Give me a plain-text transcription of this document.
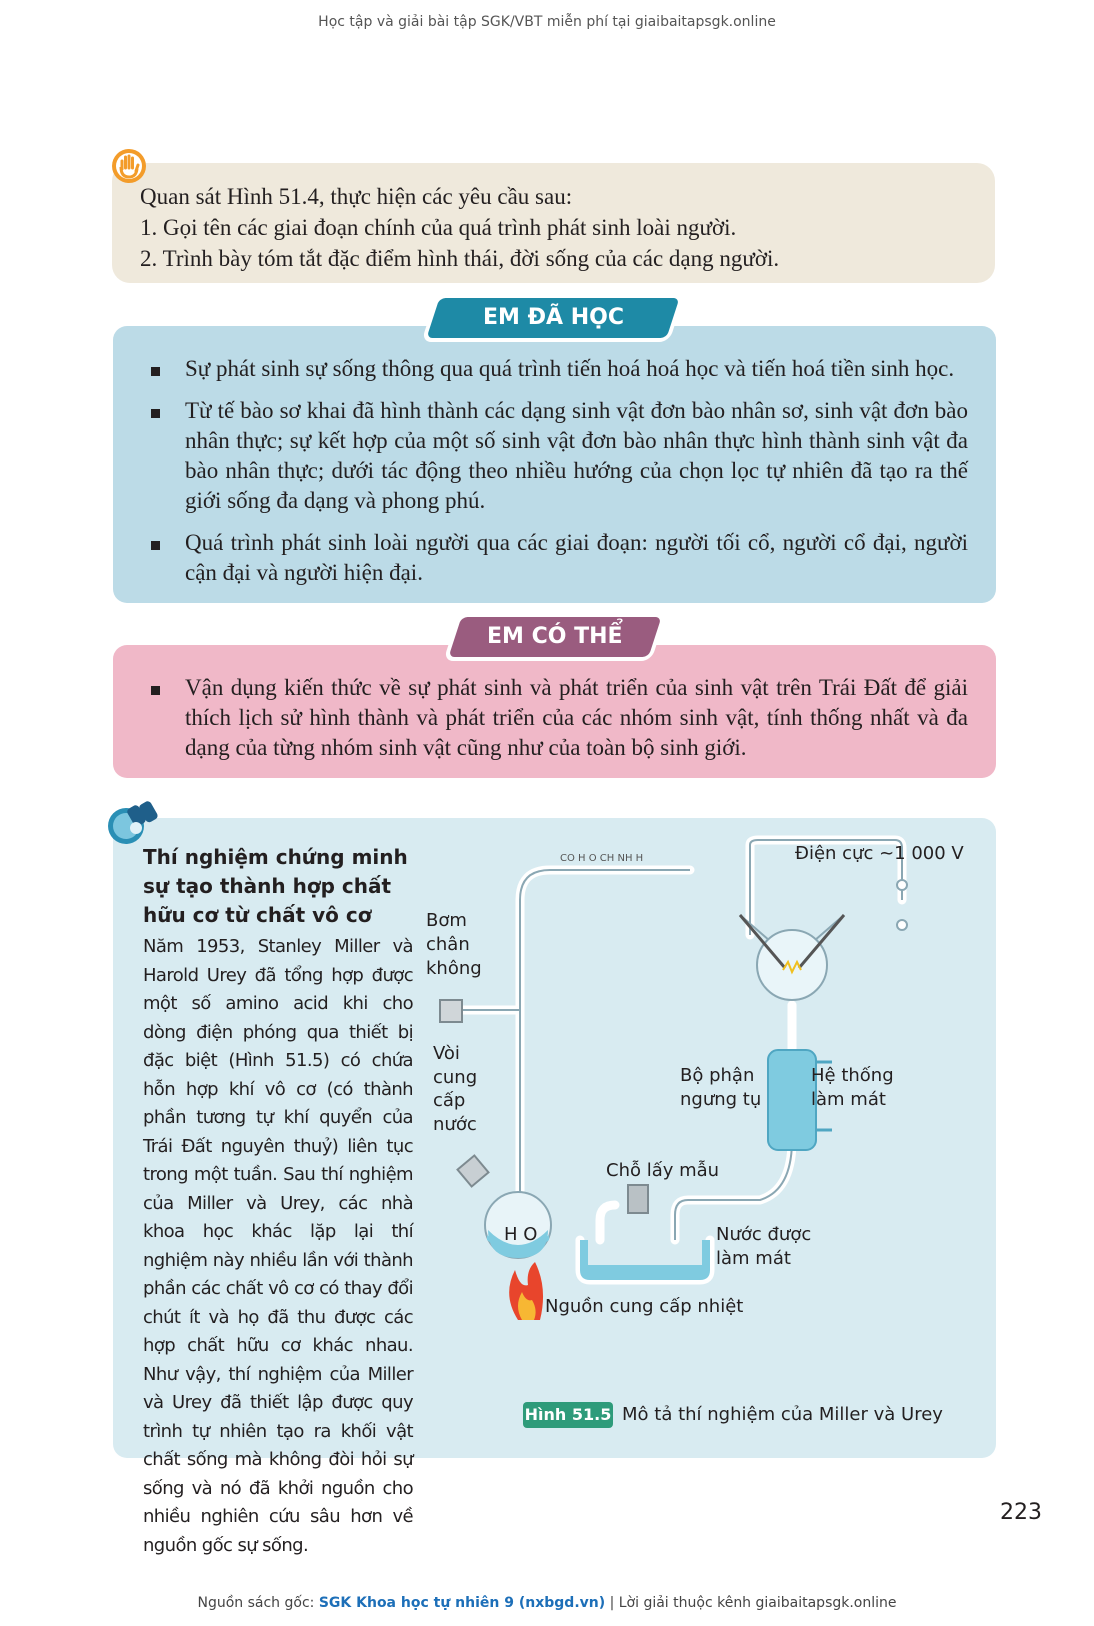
Học tập và giải bài tập SGK/VBT miễn phí tại giaibaitapsgk.online

Quan sát Hình 51.4, thực hiện các yêu cầu sau:

1. Gọi tên các giai đoạn chính của quá trình phát sinh loài người.

2. Trình bày tóm tắt đặc điểm hình thái, đời sống của các dạng người.

Sự phát sinh sự sống thông qua quá trình tiến hoá hoá học và tiến hoá tiền sinh học.
Từ tế bào sơ khai đã hình thành các dạng sinh vật đơn bào nhân sơ, sinh vật đơn bào nhân thực; sự kết hợp của một số sinh vật đơn bào nhân thực hình thành sinh vật đa bào nhân thực; dưới tác động theo nhiều hướng của chọn lọc tự nhiên đã tạo ra thế giới sống đa dạng và phong phú.
Quá trình phát sinh loài người qua các giai đoạn: người tối cổ, người cổ đại, người cận đại và người hiện đại.
EM ĐÃ HỌC
Vận dụng kiến thức về sự phát sinh và phát triển của sinh vật trên Trái Đất để giải thích lịch sử hình thành và phát triển của các nhóm sinh vật, tính thống nhất và đa dạng của từng nhóm sinh vật cũng như của toàn bộ sinh giới.
EM CÓ THỂ
Thí nghiệm chứng minh sự tạo thành hợp chất hữu cơ từ chất vô cơ
Năm 1953, Stanley Miller và Harold Urey đã tổng hợp được một số amino acid khi cho dòng điện phóng qua thiết bị đặc biệt (Hình 51.5) có chứa hỗn hợp khí vô cơ (có thành phần tương tự khí quyển của Trái Đất nguyên thuỷ) liên tục trong một tuần. Sau thí nghiệm của Miller và Urey, các nhà khoa học khác lặp lại thí nghiệm này nhiều lần với thành phần các chất vô cơ có thay đổi chút ít và họ đã thu được các hợp chất hữu cơ khác nhau. Như vậy, thí nghiệm của Miller và Urey đã thiết lập được quy trình tự nhiên tạo ra khối vật chất sống mà không đòi hỏi sự sống và nó đã khởi nguồn cho nhiều nghiên cứu sâu hơn về nguồn gốc sự sống.
CO H O CH NH H	Điện cực ~1 000 V
Bơm
chân
không
Vòi
cung
cấp
nước
Bộ phận
ngưng tụ
Hệ thống
làm mát
Chỗ lấy mẫu
H O	Nước được
làm mát
Nguồn cung cấp nhiệt
Hình 51.5 Mô tả thí nghiệm của Miller và Urey
223
Nguồn sách gốc: SGK Khoa học tự nhiên 9 (nxbgd.vn) | Lời giải thuộc kênh giaibaitapsgk.online
